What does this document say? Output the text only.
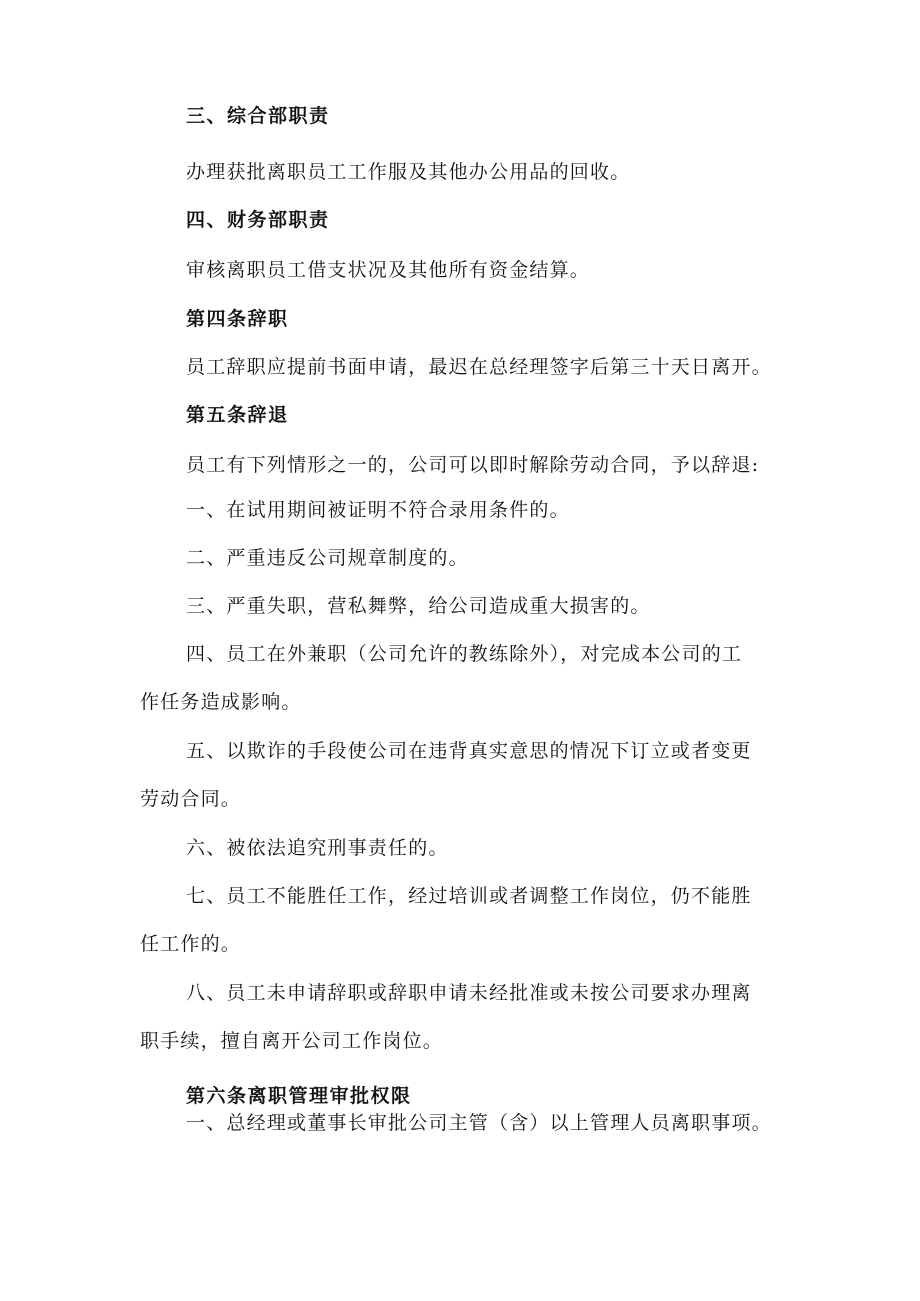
三、综合部职责
办理获批离职员工工作服及其他办公用品的回收。
四、财务部职责
审核离职员工借支状况及其他所有资金结算。
第四条辞职
员工辞职应提前书面申请，最迟在总经理签字后第三十天日离开。
第五条辞退
员工有下列情形之一的，公司可以即时解除劳动合同，予以辞退:
一、在试用期间被证明不符合录用条件的。
二、严重违反公司规章制度的。
三、严重失职，营私舞弊，给公司造成重大损害的。
四、员工在外兼职（公司允许的教练除外），对完成本公司的工
作任务造成影响。
五、以欺诈的手段使公司在违背真实意思的情况下订立或者变更
劳动合同。
六、被依法追究刑事责任的。
七、员工不能胜任工作，经过培训或者调整工作岗位，仍不能胜
任工作的。
八、员工未申请辞职或辞职申请未经批准或未按公司要求办理离
职手续，擅自离开公司工作岗位。
第六条离职管理审批权限
一、总经理或董事长审批公司主管（含）以上管理人员离职事项。
